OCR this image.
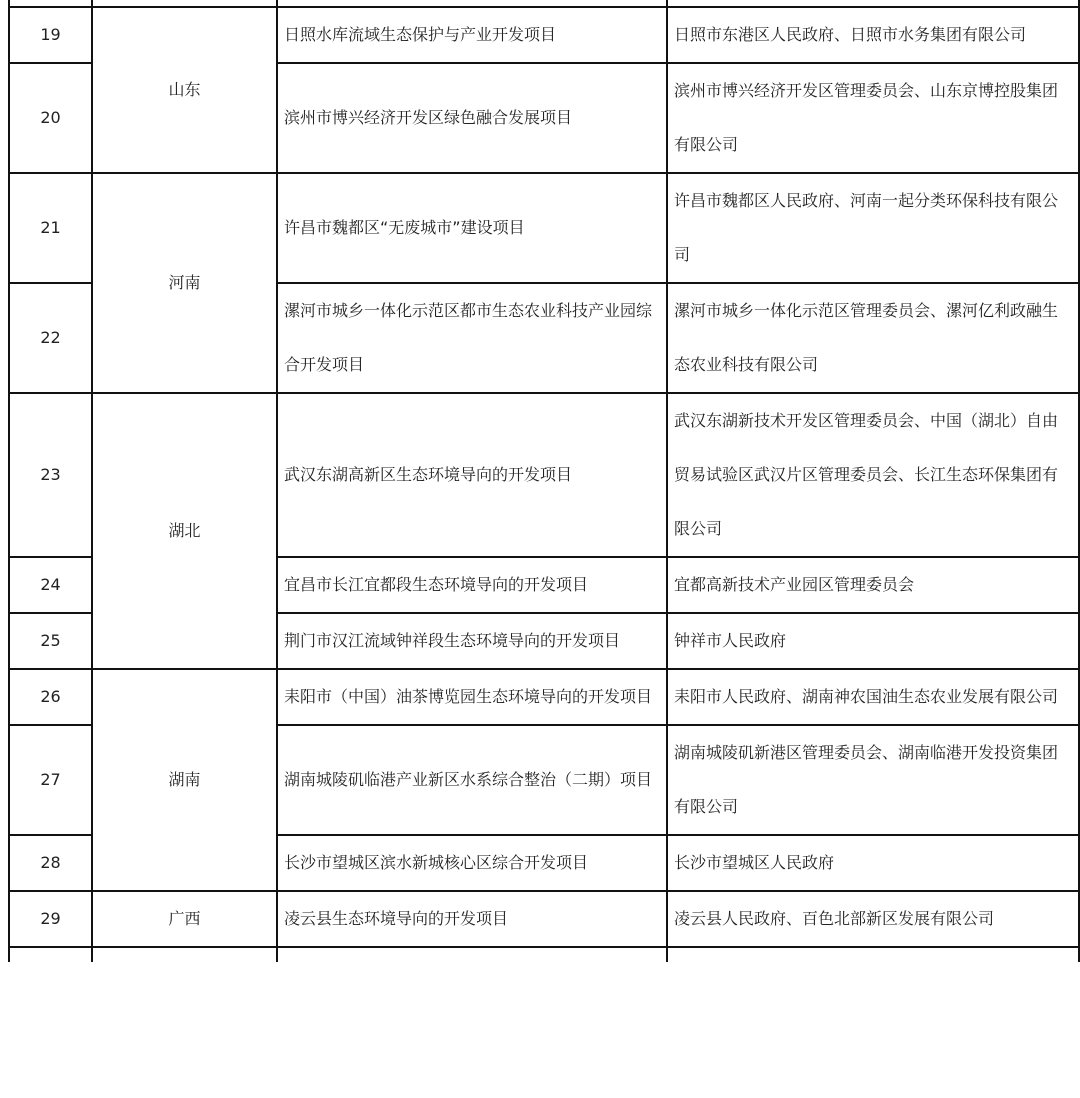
19	山东	日照水库流域生态保护与产业开发项目	日照市东港区人民政府、日照市水务集团有限公司
20		滨州市博兴经济开发区绿色融合发展项目	滨州市博兴经济开发区管理委员会、山东京博控股集团有限公司
21	河南	许昌市魏都区“无废城市”建设项目	许昌市魏都区人民政府、河南一起分类环保科技有限公司
22		漯河市城乡一体化示范区都市生态农业科技产业园综合开发项目	漯河市城乡一体化示范区管理委员会、漯河亿利政融生态农业科技有限公司
23	湖北	武汉东湖高新区生态环境导向的开发项目	武汉东湖新技术开发区管理委员会、中国（湖北）自由贸易试验区武汉片区管理委员会、长江生态环保集团有限公司
24		宜昌市长江宜都段生态环境导向的开发项目	宜都高新技术产业园区管理委员会
25		荆门市汉江流域钟祥段生态环境导向的开发项目	钟祥市人民政府
26	湖南	耒阳市（中国）油茶博览园生态环境导向的开发项目	耒阳市人民政府、湖南神农国油生态农业发展有限公司
27		湖南城陵矶临港产业新区水系综合整治（二期）项目	湖南城陵矶新港区管理委员会、湖南临港开发投资集团有限公司
28		长沙市望城区滨水新城核心区综合开发项目	长沙市望城区人民政府
29	广西	凌云县生态环境导向的开发项目	凌云县人民政府、百色北部新区发展有限公司
